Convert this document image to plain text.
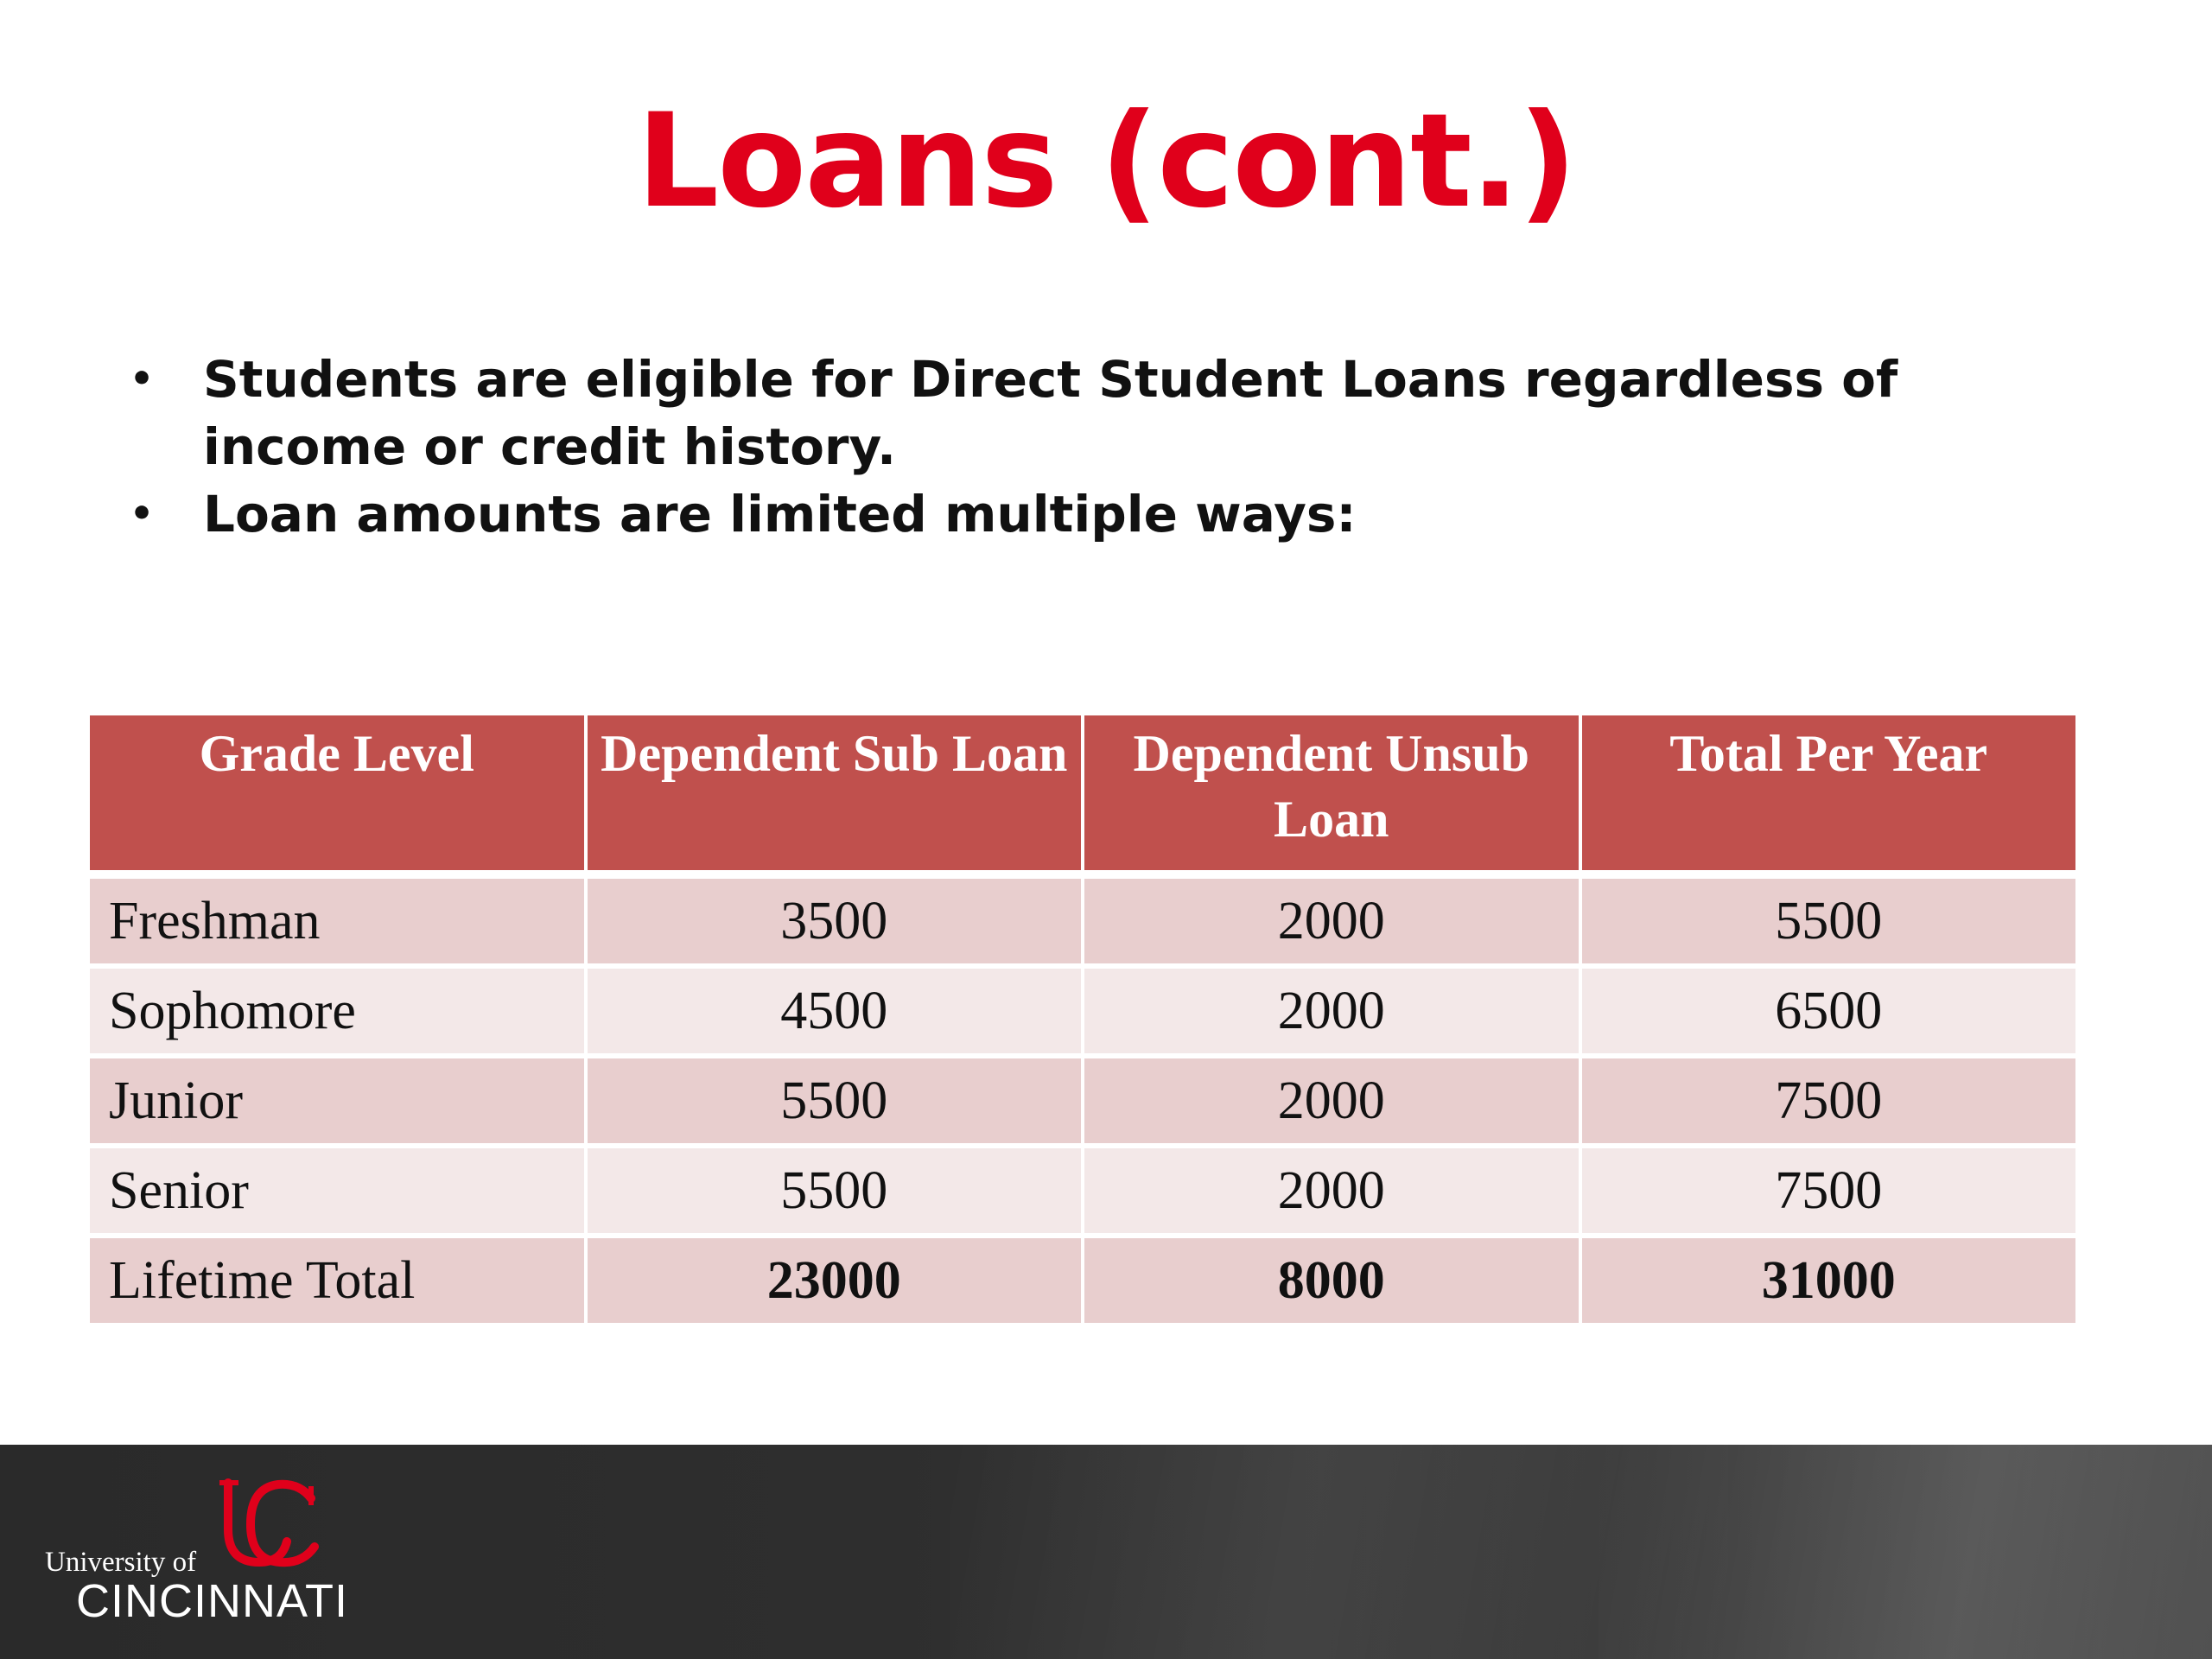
Loans (cont.)
• Students are eligible for Direct Student Loans regardless of income or credit history.
• Loan amounts are limited multiple ways:
Grade Level	Dependent Sub Loan	Dependent Unsub Loan	Total Per Year
Freshman	3500	2000	5500
Sophomore	4500	2000	6500
Junior	5500	2000	7500
Senior	5500	2000	7500
Lifetime Total	23000	8000	31000
University of
CINCINNATI
